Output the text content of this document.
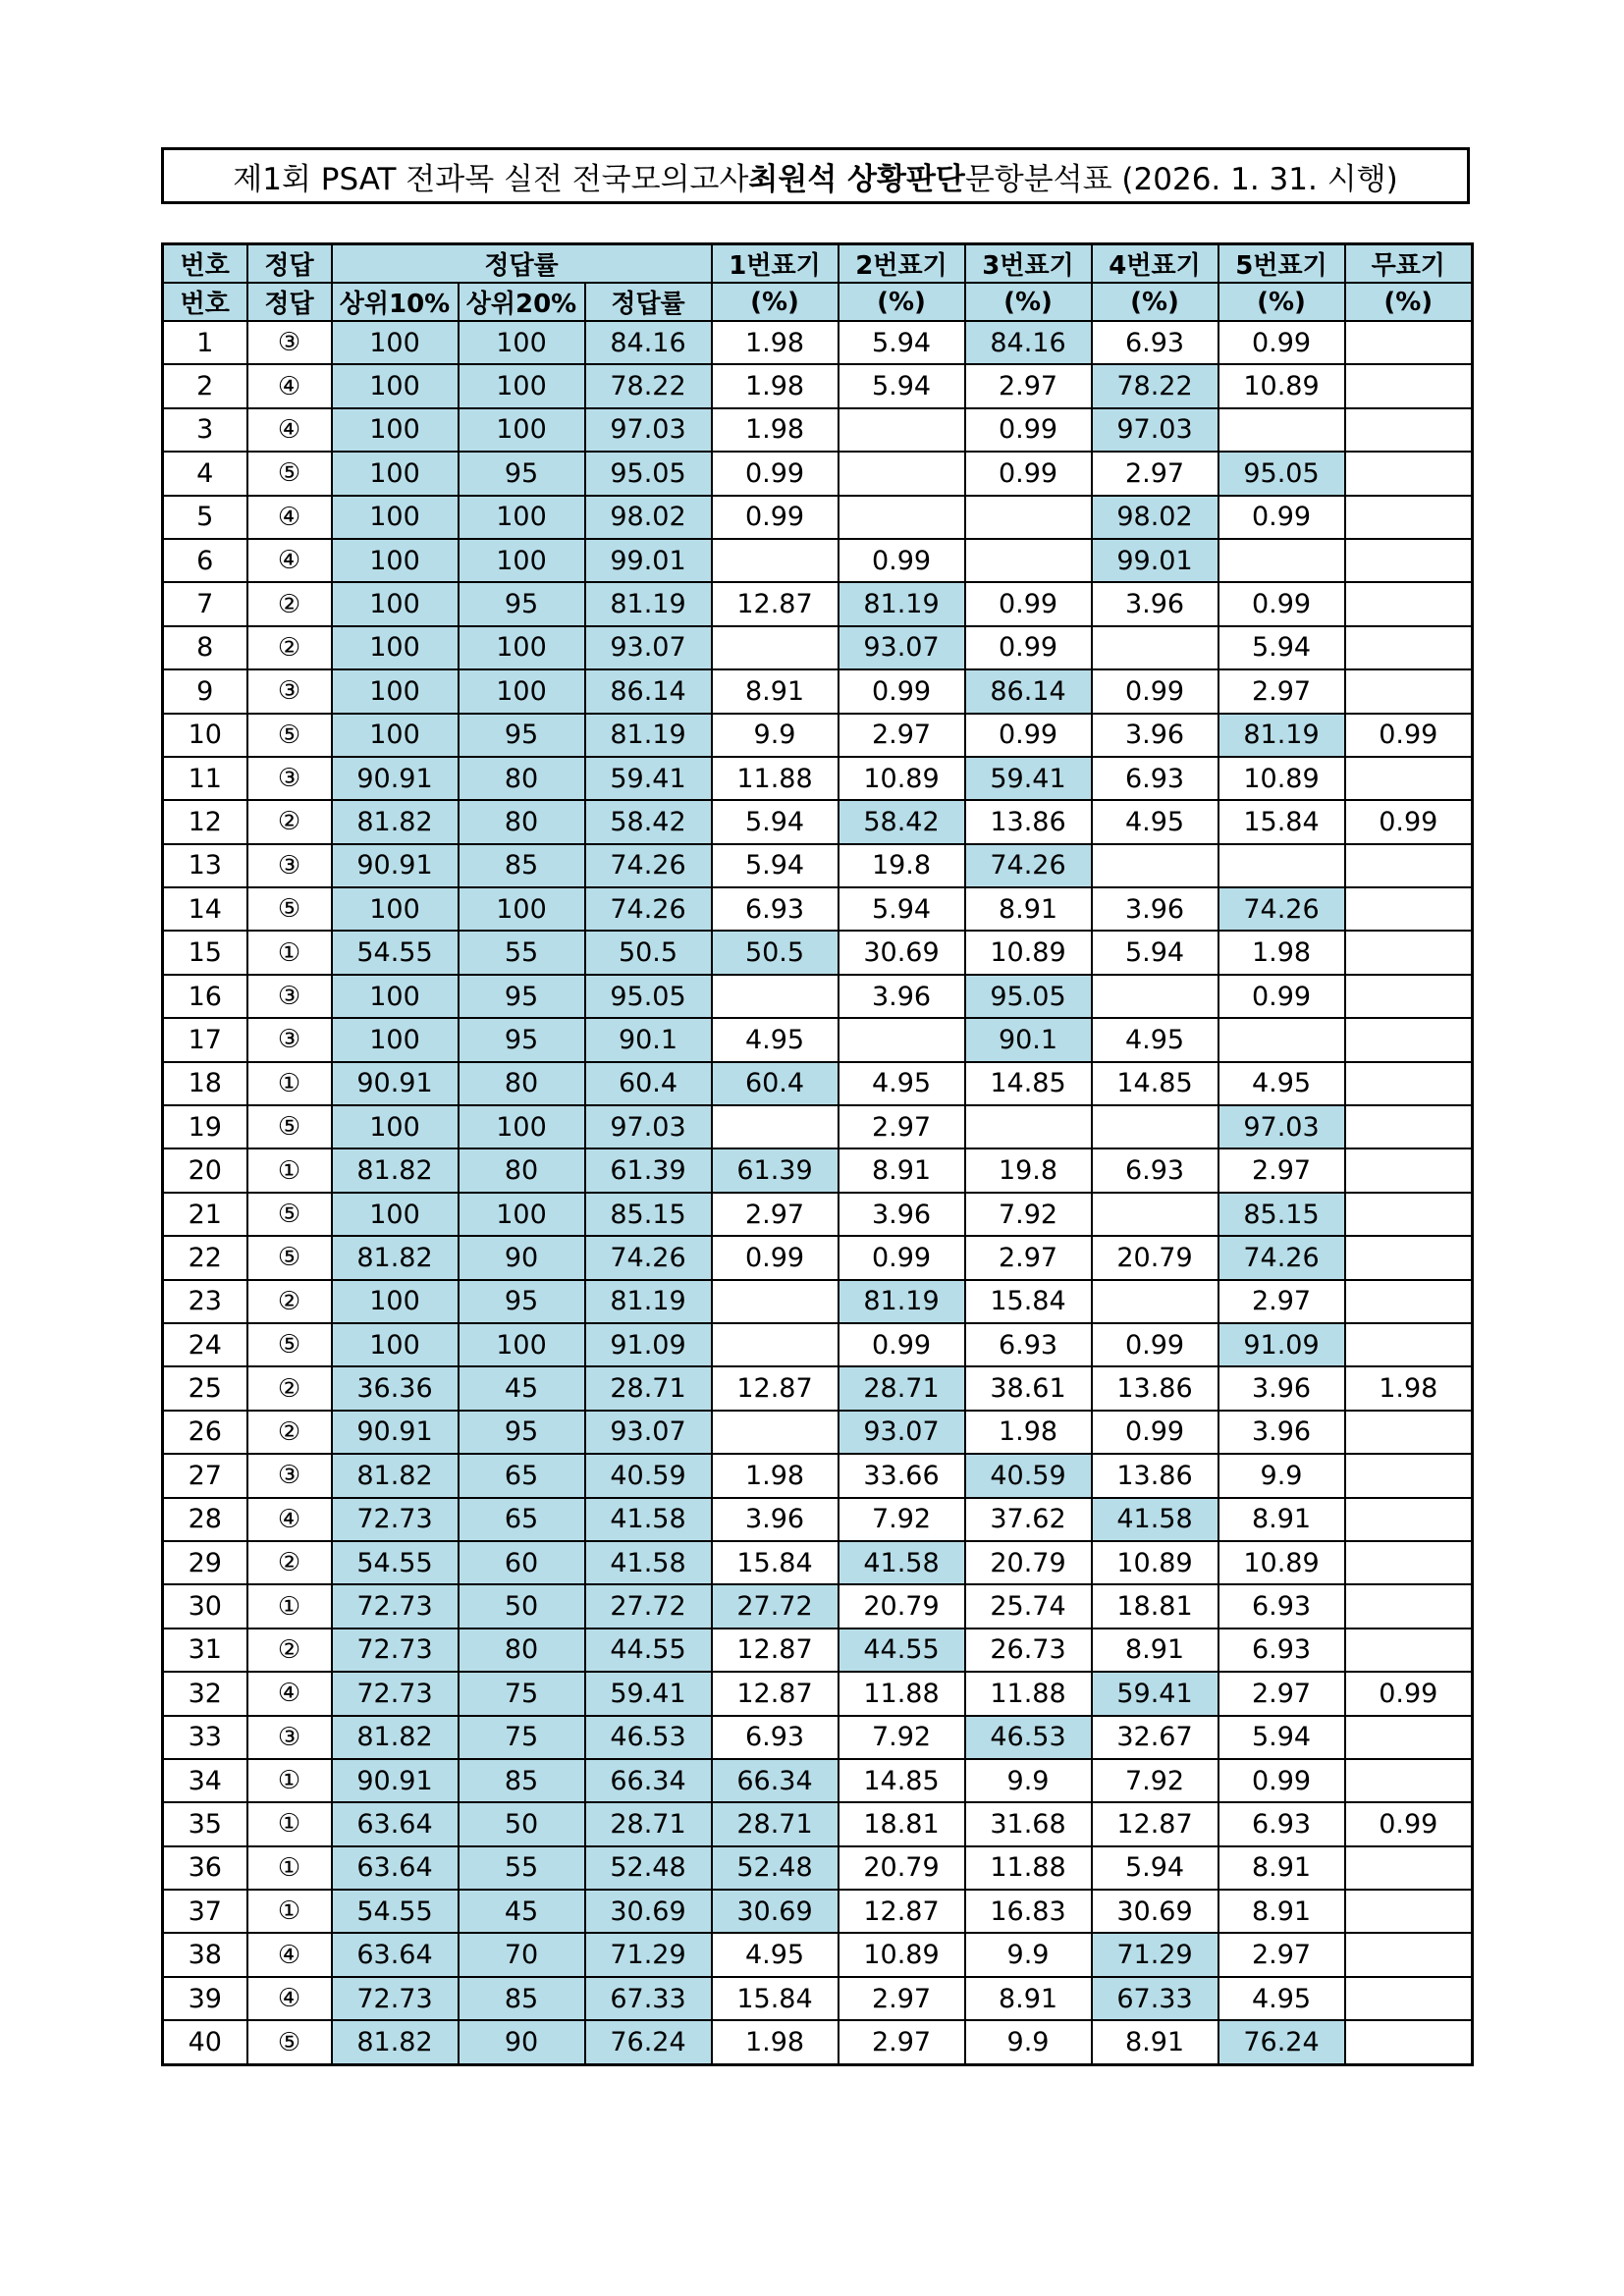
제1회 PSAT 전과목 실전 전국모의고사 최원석 상황판단 문항분석표 (2026. 1. 31. 시행)
번호	정답	정답률			1번표기	2번표기	3번표기	4번표기	5번표기	무표기
번호	정답	상위10%	상위20%	정답률	(%)	(%)	(%)	(%)	(%)	(%)
1	③	100	100	84.16	1.98	5.94	84.16	6.93	0.99	
2	④	100	100	78.22	1.98	5.94	2.97	78.22	10.89	
3	④	100	100	97.03	1.98		0.99	97.03		
4	⑤	100	95	95.05	0.99		0.99	2.97	95.05	
5	④	100	100	98.02	0.99			98.02	0.99	
6	④	100	100	99.01		0.99		99.01		
7	②	100	95	81.19	12.87	81.19	0.99	3.96	0.99	
8	②	100	100	93.07		93.07	0.99		5.94	
9	③	100	100	86.14	8.91	0.99	86.14	0.99	2.97	
10	⑤	100	95	81.19	9.9	2.97	0.99	3.96	81.19	0.99
11	③	90.91	80	59.41	11.88	10.89	59.41	6.93	10.89	
12	②	81.82	80	58.42	5.94	58.42	13.86	4.95	15.84	0.99
13	③	90.91	85	74.26	5.94	19.8	74.26			
14	⑤	100	100	74.26	6.93	5.94	8.91	3.96	74.26	
15	①	54.55	55	50.5	50.5	30.69	10.89	5.94	1.98	
16	③	100	95	95.05		3.96	95.05		0.99	
17	③	100	95	90.1	4.95		90.1	4.95		
18	①	90.91	80	60.4	60.4	4.95	14.85	14.85	4.95	
19	⑤	100	100	97.03		2.97			97.03	
20	①	81.82	80	61.39	61.39	8.91	19.8	6.93	2.97	
21	⑤	100	100	85.15	2.97	3.96	7.92		85.15	
22	⑤	81.82	90	74.26	0.99	0.99	2.97	20.79	74.26	
23	②	100	95	81.19		81.19	15.84		2.97	
24	⑤	100	100	91.09		0.99	6.93	0.99	91.09	
25	②	36.36	45	28.71	12.87	28.71	38.61	13.86	3.96	1.98
26	②	90.91	95	93.07		93.07	1.98	0.99	3.96	
27	③	81.82	65	40.59	1.98	33.66	40.59	13.86	9.9	
28	④	72.73	65	41.58	3.96	7.92	37.62	41.58	8.91	
29	②	54.55	60	41.58	15.84	41.58	20.79	10.89	10.89	
30	①	72.73	50	27.72	27.72	20.79	25.74	18.81	6.93	
31	②	72.73	80	44.55	12.87	44.55	26.73	8.91	6.93	
32	④	72.73	75	59.41	12.87	11.88	11.88	59.41	2.97	0.99
33	③	81.82	75	46.53	6.93	7.92	46.53	32.67	5.94	
34	①	90.91	85	66.34	66.34	14.85	9.9	7.92	0.99	
35	①	63.64	50	28.71	28.71	18.81	31.68	12.87	6.93	0.99
36	①	63.64	55	52.48	52.48	20.79	11.88	5.94	8.91	
37	①	54.55	45	30.69	30.69	12.87	16.83	30.69	8.91	
38	④	63.64	70	71.29	4.95	10.89	9.9	71.29	2.97	
39	④	72.73	85	67.33	15.84	2.97	8.91	67.33	4.95	
40	⑤	81.82	90	76.24	1.98	2.97	9.9	8.91	76.24	
